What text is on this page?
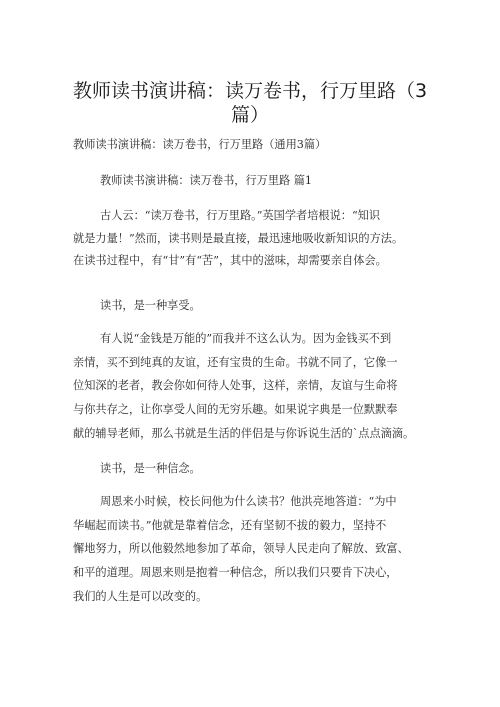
教师读书演讲稿：读万卷书，行万里路（3篇）

教师读书演讲稿：读万卷书，行万里路（通用3篇）

教师读书演讲稿：读万卷书，行万里路 篇1

古人云：“读万卷书，行万里路。”英国学者培根说：“知识
就是力量！”然而，读书则是最直接，最迅速地吸收新知识的方法。
在读书过程中，有“甘”有“苦”，其中的滋味，却需要亲自体会。
读书，是一种享受。
有人说“金钱是万能的”而我并不这么认为。因为金钱买不到
亲情，买不到纯真的友谊，还有宝贵的生命。书就不同了，它像一
位知深的老者，教会你如何待人处事，这样，亲情，友谊与生命将
与你共存之，让你享受人间的无穷乐趣。如果说字典是一位默默奉
献的辅导老师，那么书就是生活的伴侣是与你诉说生活的`点点滴滴。
读书，是一种信念。
周恩来小时候，校长问他为什么读书？他洪亮地答道：“为中
华崛起而读书。”他就是靠着信念，还有坚韧不拔的毅力，坚持不
懈地努力，所以他毅然地参加了革命，领导人民走向了解放、致富、
和平的道理。周恩来则是抱着一种信念，所以我们只要肯下决心，
我们的人生是可以改变的。
